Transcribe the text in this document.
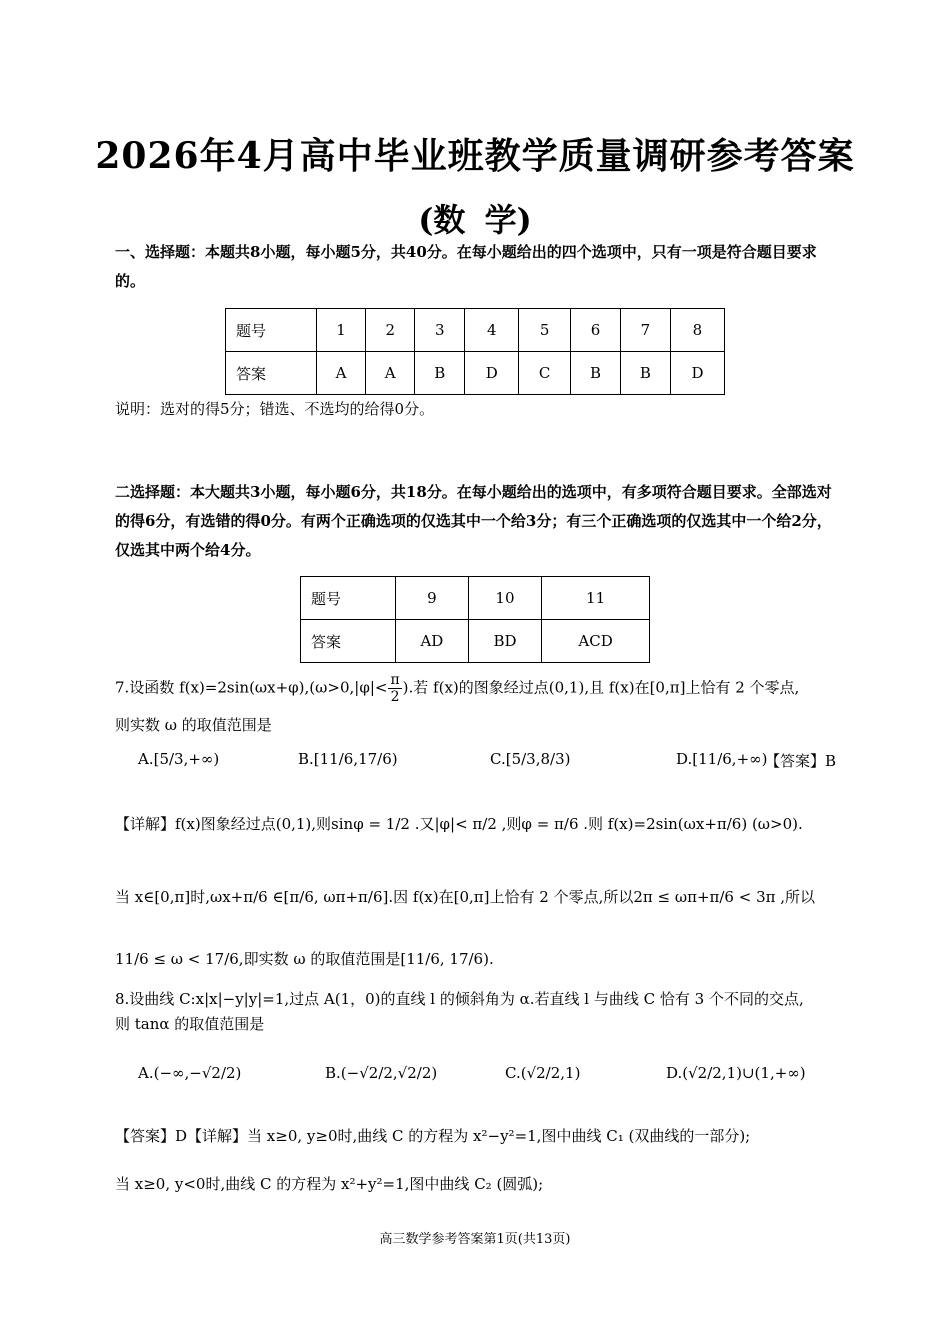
2026年4月高中毕业班教学质量调研参考答案
(数 学)

一、选择题：本题共8小题，每小题5分，共40分。在每小题给出的四个选项中，只有一项是符合题目要求的。

题号	1	2	3	4	5	6	7	8
答案	A	A	B	D	C	B	B	D

说明：选对的得5分；错选、不选均的给得0分。

二选择题：本大题共3小题，每小题6分，共18分。在每小题给出的选项中，有多项符合题目要求。全部选对的得6分，有选错的得0分。有两个正确选项的仅选其中一个给3分；有三个正确选项的仅选其中一个给2分，仅选其中两个给4分。

题号	9	10	11
答案	AD	BD	ACD
7.设函数 $f(x)=2\sin(\omega x+\varphi),(\omega>0,|\varphi|< \frac{\pi}{2}$ ).若 f(x)的图象经过点(0,1),且 f(x)在[0,π]上恰有 2 个零点,
则实数 ω 的取值范围是
A.[5/3,+∞)	B.[11/6,17/6)	C.[5/3,8/3)	D.[11/6,+∞)
【答案】B
【详解】f(x)图象经过点(0,1),则sinφ = 1/2 .又|φ|< π/2 ,则φ = π/6 .则 f(x)=2sin(ωx+π/6) (ω>0).
当 x∈[0,π]时,ωx+π/6 ∈[π/6, ωπ+π/6].因 f(x)在[0,π]上恰有 2 个零点,所以2π ≤ ωπ+π/6 < 3π ,所以
11/6 ≤ ω < 17/6,即实数 ω 的取值范围是[11/6, 17/6).
8.设曲线 C:x|x|−y|y|=1,过点 A(1，0)的直线 l 的倾斜角为 α.若直线 l 与曲线 C 恰有 3 个不同的交点,
则 tanα 的取值范围是
A.(−∞,−√2/2)	B.(−√2/2,√2/2)	C.(√2/2,1)	D.(√2/2,1)∪(1,+∞)
【答案】D【详解】当 x≥0, y≥0时,曲线 C 的方程为 x²−y²=1,图中曲线 C₁ (双曲线的一部分);
当 x≥0, y<0时,曲线 C 的方程为 x²+y²=1,图中曲线 C₂ (圆弧);
高三数学参考答案第1页(共13页)
